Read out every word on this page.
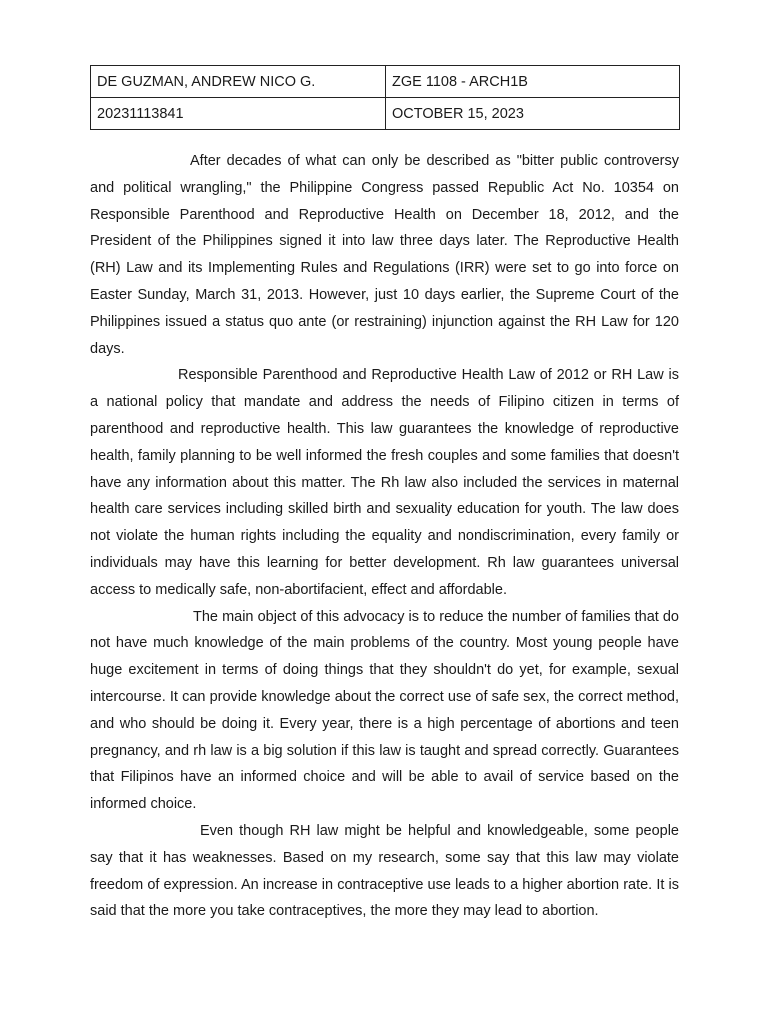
DE GUZMAN, ANDREW NICO G.	ZGE 1108 - ARCH1B
20231113841	OCTOBER 15, 2023

After decades of what can only be described as "bitter public controversy and political wrangling," the Philippine Congress passed Republic Act No. 10354 on Responsible Parenthood and Reproductive Health on December 18, 2012, and the President of the Philippines signed it into law three days later. The Reproductive Health (RH) Law and its Implementing Rules and Regulations (IRR) were set to go into force on Easter Sunday, March 31, 2013. However, just 10 days earlier, the Supreme Court of the Philippines issued a status quo ante (or restraining) injunction against the RH Law for 120 days.

Responsible Parenthood and Reproductive Health Law of 2012 or RH Law is a national policy that mandate and address the needs of Filipino citizen in terms of parenthood and reproductive health. This law guarantees the knowledge of reproductive health, family planning to be well informed the fresh couples and some families that doesn't have any information about this matter. The Rh law also included the services in maternal health care services including skilled birth and sexuality education for youth. The law does not violate the human rights including the equality and nondiscrimination, every family or individuals may have this learning for better development. Rh law guarantees universal access to medically safe, non-abortifacient, effect and affordable.

The main object of this advocacy is to reduce the number of families that do not have much knowledge of the main problems of the country. Most young people have huge excitement in terms of doing things that they shouldn't do yet, for example, sexual intercourse. It can provide knowledge about the correct use of safe sex, the correct method, and who should be doing it. Every year, there is a high percentage of abortions and teen pregnancy, and rh law is a big solution if this law is taught and spread correctly. Guarantees that Filipinos have an informed choice and will be able to avail of service based on the informed choice.

Even though RH law might be helpful and knowledgeable, some people say that it has weaknesses. Based on my research, some say that this law may violate freedom of expression. An increase in contraceptive use leads to a higher abortion rate. It is said that the more you take contraceptives, the more they may lead to abortion.
